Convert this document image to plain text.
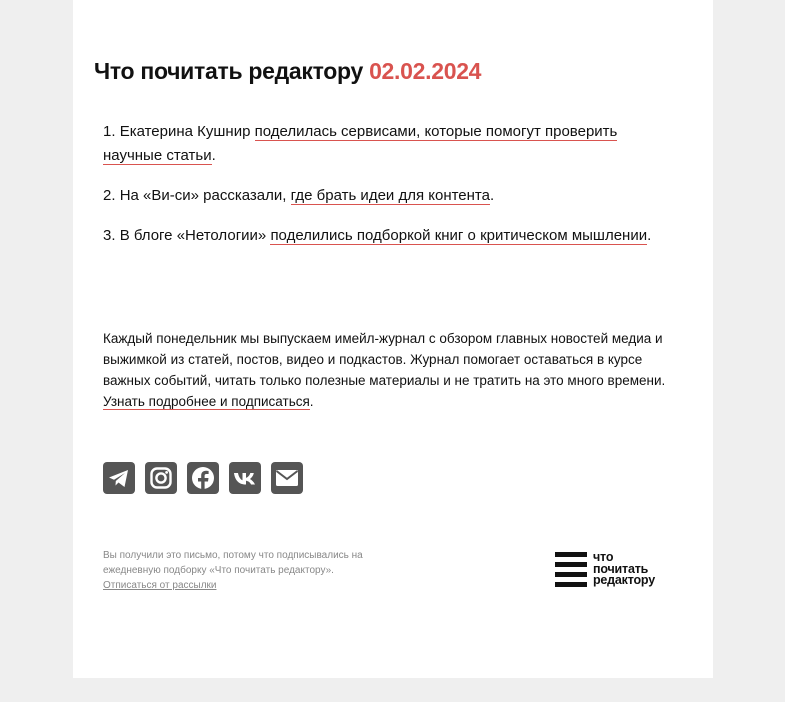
Что почитать редактору 02.02.2024

1. Екатерина Кушнир поделилась сервисами, которые помогут проверить научные статьи.

2. На «Ви-си» рассказали, где брать идеи для контента.

3. В блоге «Нетологии» поделились подборкой книг о критическом мышлении.

Каждый понедельник мы выпускаем имейл-журнал с обзором главных новостей медиа и выжимкой из статей, постов, видео и подкастов. Журнал помогает оставаться в курсе важных событий, читать только полезные материалы и не тратить на это много времени. Узнать подробнее и подписаться.

Вы получили это письмо, потому что подписывались на ежедневную подборку «Что почитать редактору».
Отписаться от рассылки

что
почитать
редактору
